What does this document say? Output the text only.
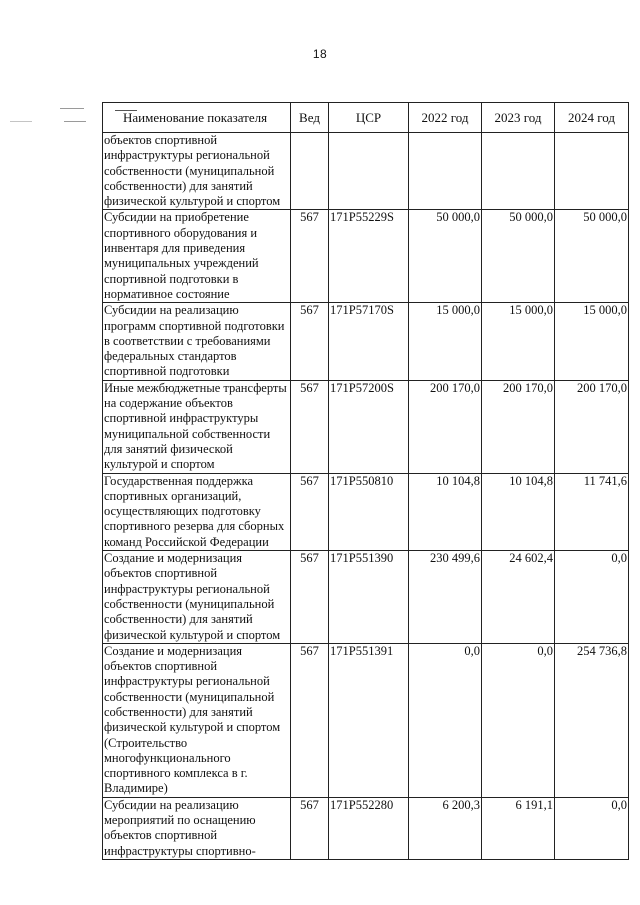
18
Наименование показателя	Вед	ЦСР	2022 год	2023 год	2024 год
объектов спортивной инфраструктуры региональной собственности (муниципальной собственности) для занятий физической культурой и спортом					
Субсидии на приобретение спортивного оборудования и инвентаря для приведения муниципальных учреждений спортивной подготовки в нормативное состояние	567	171P55229S	50 000,0	50 000,0	50 000,0
Субсидии на реализацию программ спортивной подготовки в соответствии с требованиями федеральных стандартов спортивной подготовки	567	171P57170S	15 000,0	15 000,0	15 000,0
Иные межбюджетные трансферты на содержание объектов спортивной инфраструктуры муниципальной собственности для занятий физической культурой и спортом	567	171P57200S	200 170,0	200 170,0	200 170,0
Государственная поддержка спортивных организаций, осуществляющих подготовку спортивного резерва для сборных команд Российской Федерации	567	171P550810	10 104,8	10 104,8	11 741,6
Создание и модернизация объектов спортивной инфраструктуры региональной собственности (муниципальной собственности) для занятий физической культурой и спортом	567	171P551390	230 499,6	24 602,4	0,0
Создание и модернизация объектов спортивной инфраструктуры региональной собственности (муниципальной собственности) для занятий физической культурой и спортом (Строительство многофункционального спортивного комплекса в г. Владимире)	567	171P551391	0,0	0,0	254 736,8
Субсидии на реализацию мероприятий по оснащению объектов спортивной инфраструктуры спортивно-	567	171P552280	6 200,3	6 191,1	0,0
